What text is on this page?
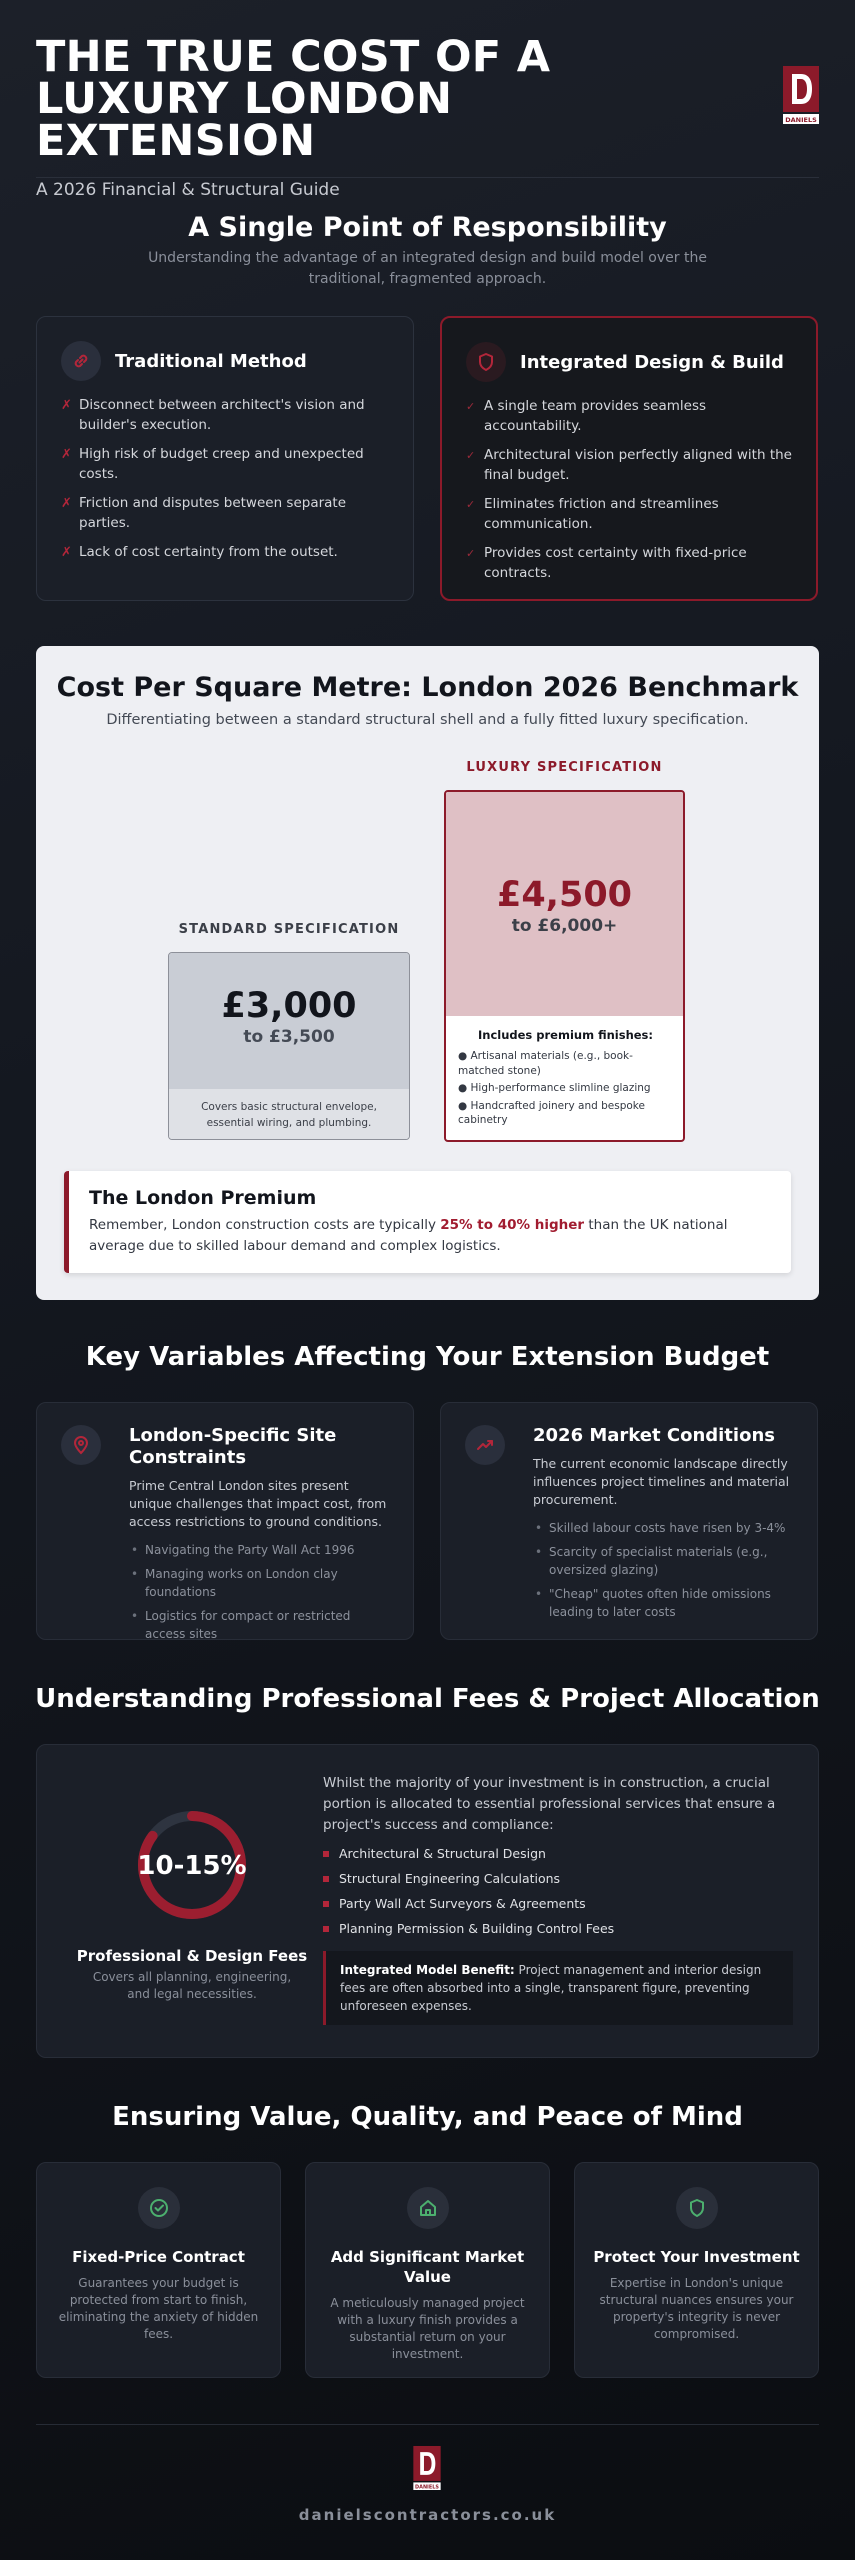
THE TRUE COST OF A LUXURY LONDON EXTENSION
A 2026 Financial & Structural Guide
DANIELS
A Single Point of Responsibility
Understanding the advantage of an integrated design and build model over the traditional, fragmented approach.
Traditional Method
✗ Disconnect between architect's vision and builder's execution.
✗ High risk of budget creep and unexpected costs.
✗ Friction and disputes between separate parties.
✗ Lack of cost certainty from the outset.
Integrated Design & Build
✓ A single team provides seamless accountability.
✓ Architectural vision perfectly aligned with the final budget.
✓ Eliminates friction and streamlines communication.
✓ Provides cost certainty with fixed-price contracts.
Cost Per Square Metre: London 2026 Benchmark
Differentiating between a standard structural shell and a fully fitted luxury specification.
STANDARD SPECIFICATION
£3,000
to £3,500
Covers basic structural envelope, essential wiring, and plumbing.
LUXURY SPECIFICATION
£4,500
to £6,000+
Includes premium finishes:
● Artisanal materials (e.g., book-matched stone)
● High-performance slimline glazing
● Handcrafted joinery and bespoke cabinetry
The London Premium
Remember, London construction costs are typically 25% to 40% higher than the UK national average due to skilled labour demand and complex logistics.
Key Variables Affecting Your Extension Budget
London-Specific Site Constraints
Prime Central London sites present unique challenges that impact cost, from access restrictions to ground conditions.
• Navigating the Party Wall Act 1996
• Managing works on London clay foundations
• Logistics for compact or restricted access sites
2026 Market Conditions
The current economic landscape directly influences project timelines and material procurement.
• Skilled labour costs have risen by 3-4%
• Scarcity of specialist materials (e.g., oversized glazing)
• "Cheap" quotes often hide omissions leading to later costs
Understanding Professional Fees & Project Allocation
10-15%
Professional & Design Fees
Covers all planning, engineering, and legal necessities.
Whilst the majority of your investment is in construction, a crucial portion is allocated to essential professional services that ensure a project's success and compliance:
Architectural & Structural Design
Structural Engineering Calculations
Party Wall Act Surveyors & Agreements
Planning Permission & Building Control Fees
Integrated Model Benefit: Project management and interior design fees are often absorbed into a single, transparent figure, preventing unforeseen expenses.
Ensuring Value, Quality, and Peace of Mind
Fixed-Price Contract
Guarantees your budget is protected from start to finish, eliminating the anxiety of hidden fees.
Add Significant Market Value
A meticulously managed project with a luxury finish provides a substantial return on your investment.
Protect Your Investment
Expertise in London's unique structural nuances ensures your property's integrity is never compromised.
DANIELS
danielscontractors.co.uk
